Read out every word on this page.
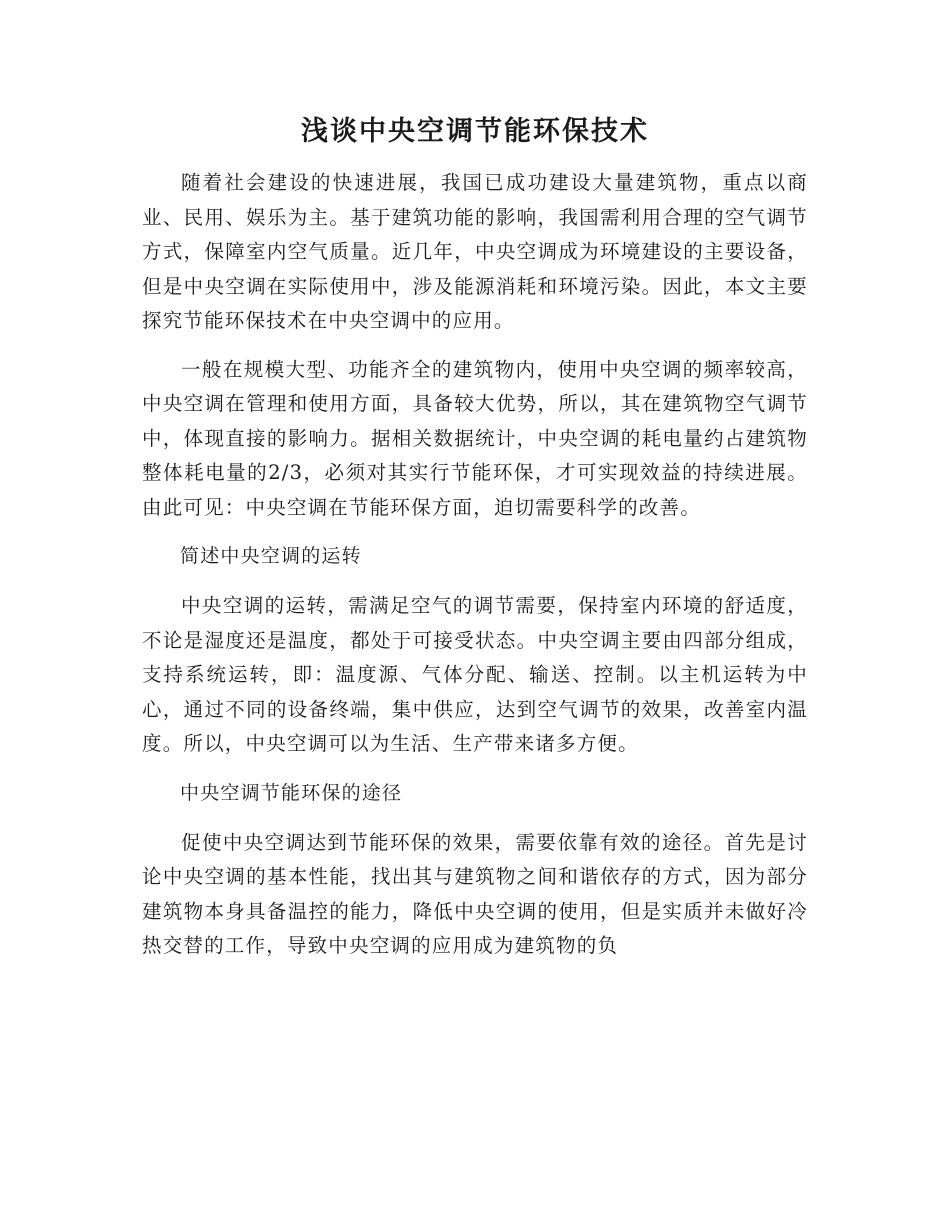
浅谈中央空调节能环保技术

随着社会建设的快速进展，我国已成功建设大量建筑物，重点以商业、民用、娱乐为主。基于建筑功能的影响，我国需利用合理的空气调节方式，保障室内空气质量。近几年，中央空调成为环境建设的主要设备，但是中央空调在实际使用中，涉及能源消耗和环境污染。因此，本文主要探究节能环保技术在中央空调中的应用。

一般在规模大型、功能齐全的建筑物内，使用中央空调的频率较高，中央空调在管理和使用方面，具备较大优势，所以，其在建筑物空气调节中，体现直接的影响力。据相关数据统计，中央空调的耗电量约占建筑物整体耗电量的2/3，必须对其实行节能环保，才可实现效益的持续进展。由此可见：中央空调在节能环保方面，迫切需要科学的改善。

简述中央空调的运转

中央空调的运转，需满足空气的调节需要，保持室内环境的舒适度，不论是湿度还是温度，都处于可接受状态。中央空调主要由四部分组成，支持系统运转，即：温度源、气体分配、输送、控制。以主机运转为中心，通过不同的设备终端，集中供应，达到空气调节的效果，改善室内温度。所以，中央空调可以为生活、生产带来诸多方便。

中央空调节能环保的途径

促使中央空调达到节能环保的效果，需要依靠有效的途径。首先是讨论中央空调的基本性能，找出其与建筑物之间和谐依存的方式，因为部分建筑物本身具备温控的能力，降低中央空调的使用，但是实质并未做好冷热交替的工作，导致中央空调的应用成为建筑物的负
